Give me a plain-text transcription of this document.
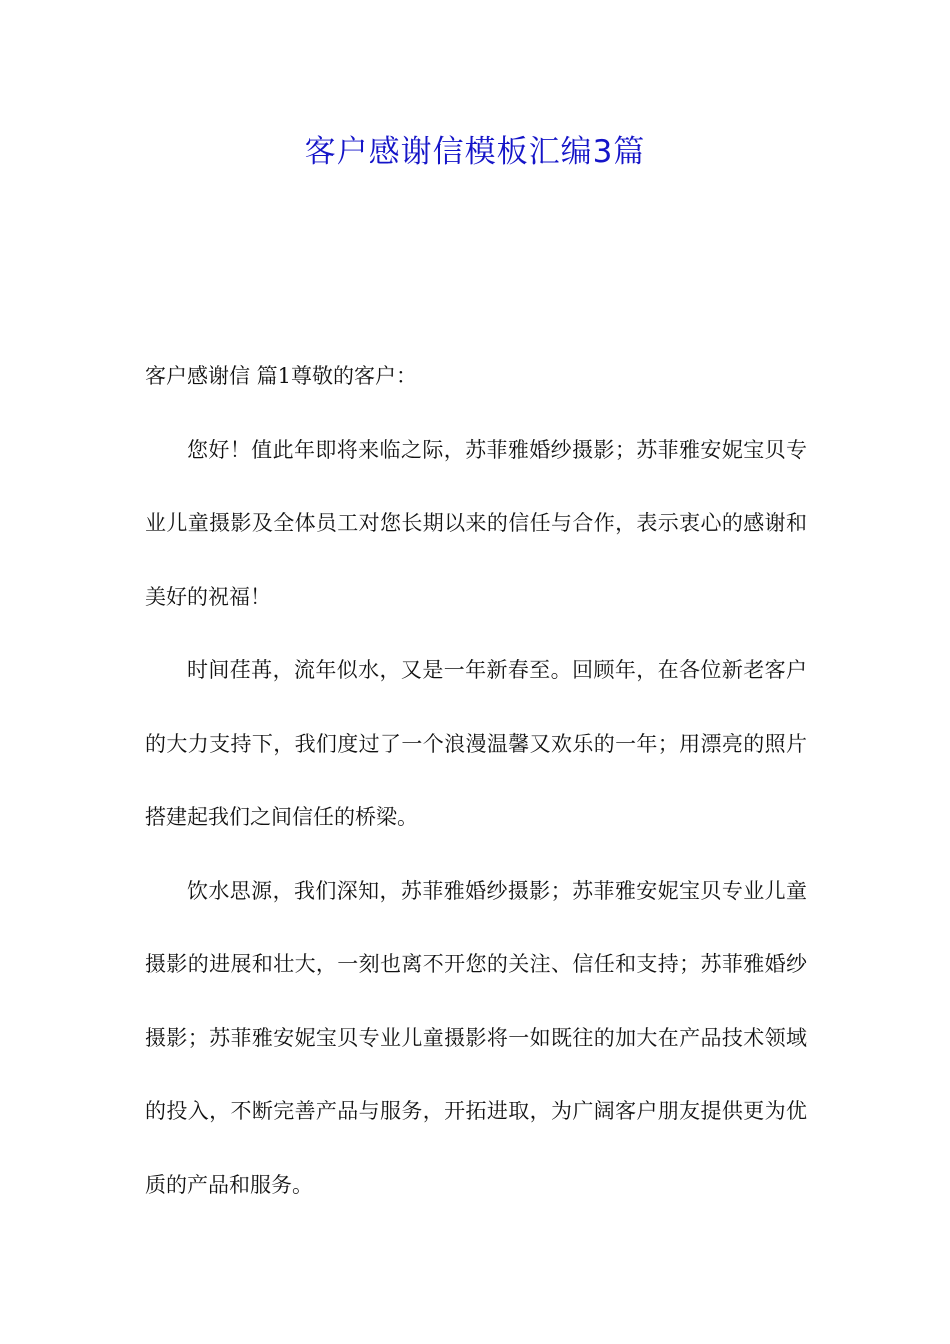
客户感谢信模板汇编3篇

客户感谢信 篇1尊敬的客户：

您好！值此年即将来临之际，苏菲雅婚纱摄影；苏菲雅安妮宝贝专业儿童摄影及全体员工对您长期以来的信任与合作，表示衷心的感谢和美好的祝福！

时间荏苒，流年似水，又是一年新春至。回顾年，在各位新老客户的大力支持下，我们度过了一个浪漫温馨又欢乐的一年；用漂亮的照片搭建起我们之间信任的桥梁。

饮水思源，我们深知，苏菲雅婚纱摄影；苏菲雅安妮宝贝专业儿童摄影的进展和壮大，一刻也离不开您的关注、信任和支持；苏菲雅婚纱摄影；苏菲雅安妮宝贝专业儿童摄影将一如既往的加大在产品技术领域的投入，不断完善产品与服务，开拓进取，为广阔客户朋友提供更为优质的产品和服务。
